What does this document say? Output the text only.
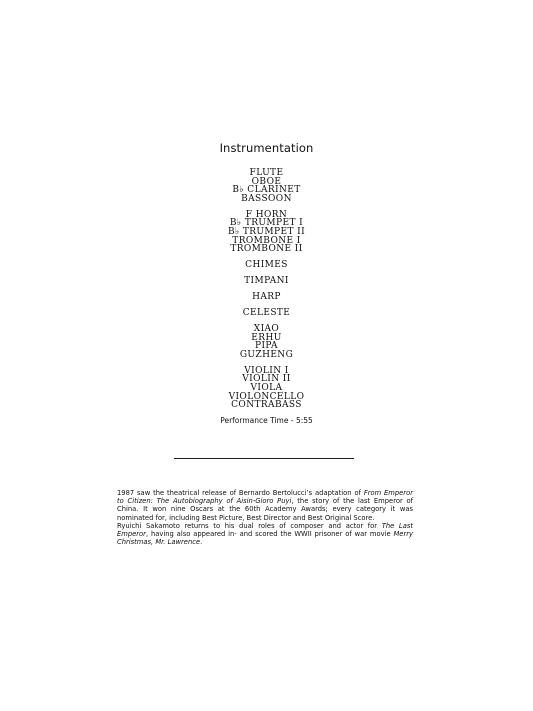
Instrumentation
FLUTE
OBOE
B♭ CLARINET
BASSOON
F HORN
B♭ TRUMPET I
B♭ TRUMPET II
TROMBONE I
TROMBONE II
CHIMES
TIMPANI
HARP
CELESTE
XIAO
ERHU
PIPA
GUZHENG
VIOLIN I
VIOLIN II
VIOLA
VIOLONCELLO
CONTRABASS
Performance Time - 5:55

1987 saw the theatrical release of Bernardo Bertolucci’s adaptation of From Emperor to Citizen: The Autobiography of Aisin-Gioro Puyi, the story of the last Emperor of China. It won nine Oscars at the 60th Academy Awards; every category it was nominated for, including Best Picture, Best Director and Best Original Score.

Ryuichi Sakamoto returns to his dual roles of composer and actor for The Last Emperor, having also appeared in- and scored the WWII prisoner of war movie Merry Christmas, Mr. Lawrence.
